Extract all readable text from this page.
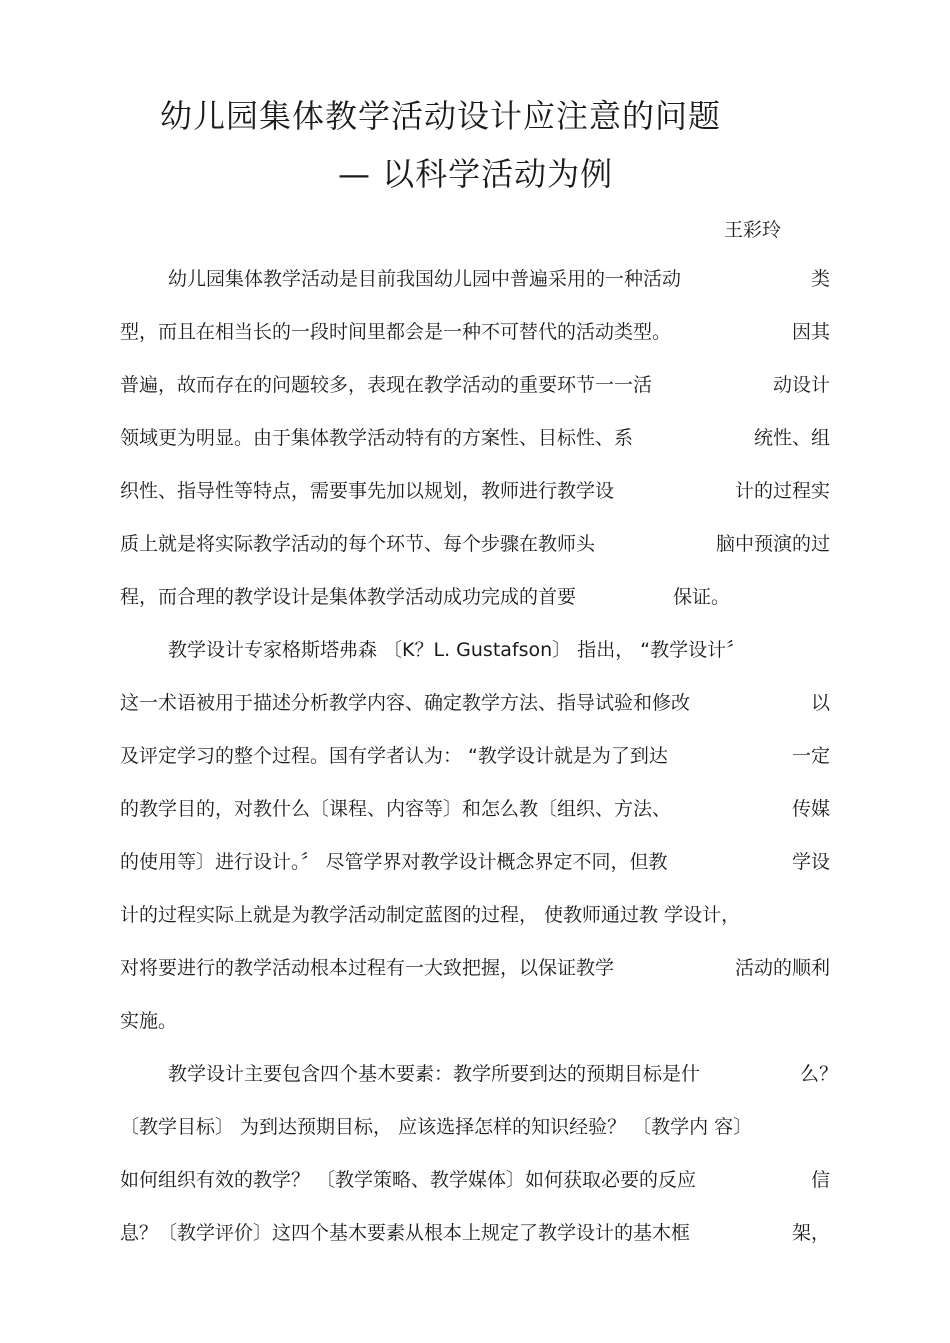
幼儿园集体教学活动设计应注意的问题
— 以科学活动为例
王彩玲
幼儿园集体教学活动是目前我国幼儿园中普遍采用的一种活动	类
型，而且在相当长的一段时间里都会是一种不可替代的活动类型。	因其
普遍，故而存在的问题较多，表现在教学活动的重要环节一一活	动设计
领域更为明显。由于集体教学活动特有的方案性、目标性、系	统性、组
织性、指导性等特点，需要事先加以规划，教师进行教学设	计的过程实
质上就是将实际教学活动的每个环节、每个步骤在教师头	脑中预演的过
程，而合理的教学设计是集体教学活动成功完成的首要	保证。
教学设计专家格斯塔弗森 〔K？L. Gustafson〕 指出， “教学设计〞
这一术语被用于描述分析教学内容、确定教学方法、指导试验和修改	以
及评定学习的整个过程。国有学者认为： “教学设计就是为了到达	一定
的教学目的，对教什么〔课程、内容等〕和怎么教〔组织、方法、	传媒
的使用等〕进行设计。〞 尽管学界对教学设计概念界定不同，但教	学设
计的过程实际上就是为教学活动制定蓝图的过程， 使教师通过教 学设计，
对将要进行的教学活动根本过程有一大致把握，以保证教学	活动的顺利
实施。
教学设计主要包含四个基木要素：教学所要到达的预期目标是什	么？
〔教学目标〕 为到达预期目标， 应该选择怎样的知识经验？ 〔教学内 容〕
如何组织有效的教学？ 〔教学策略、教学媒体〕如何获取必要的反应	信
息？〔教学评价〕这四个基木要素从根本上规定了教学设计的基木框	架，
